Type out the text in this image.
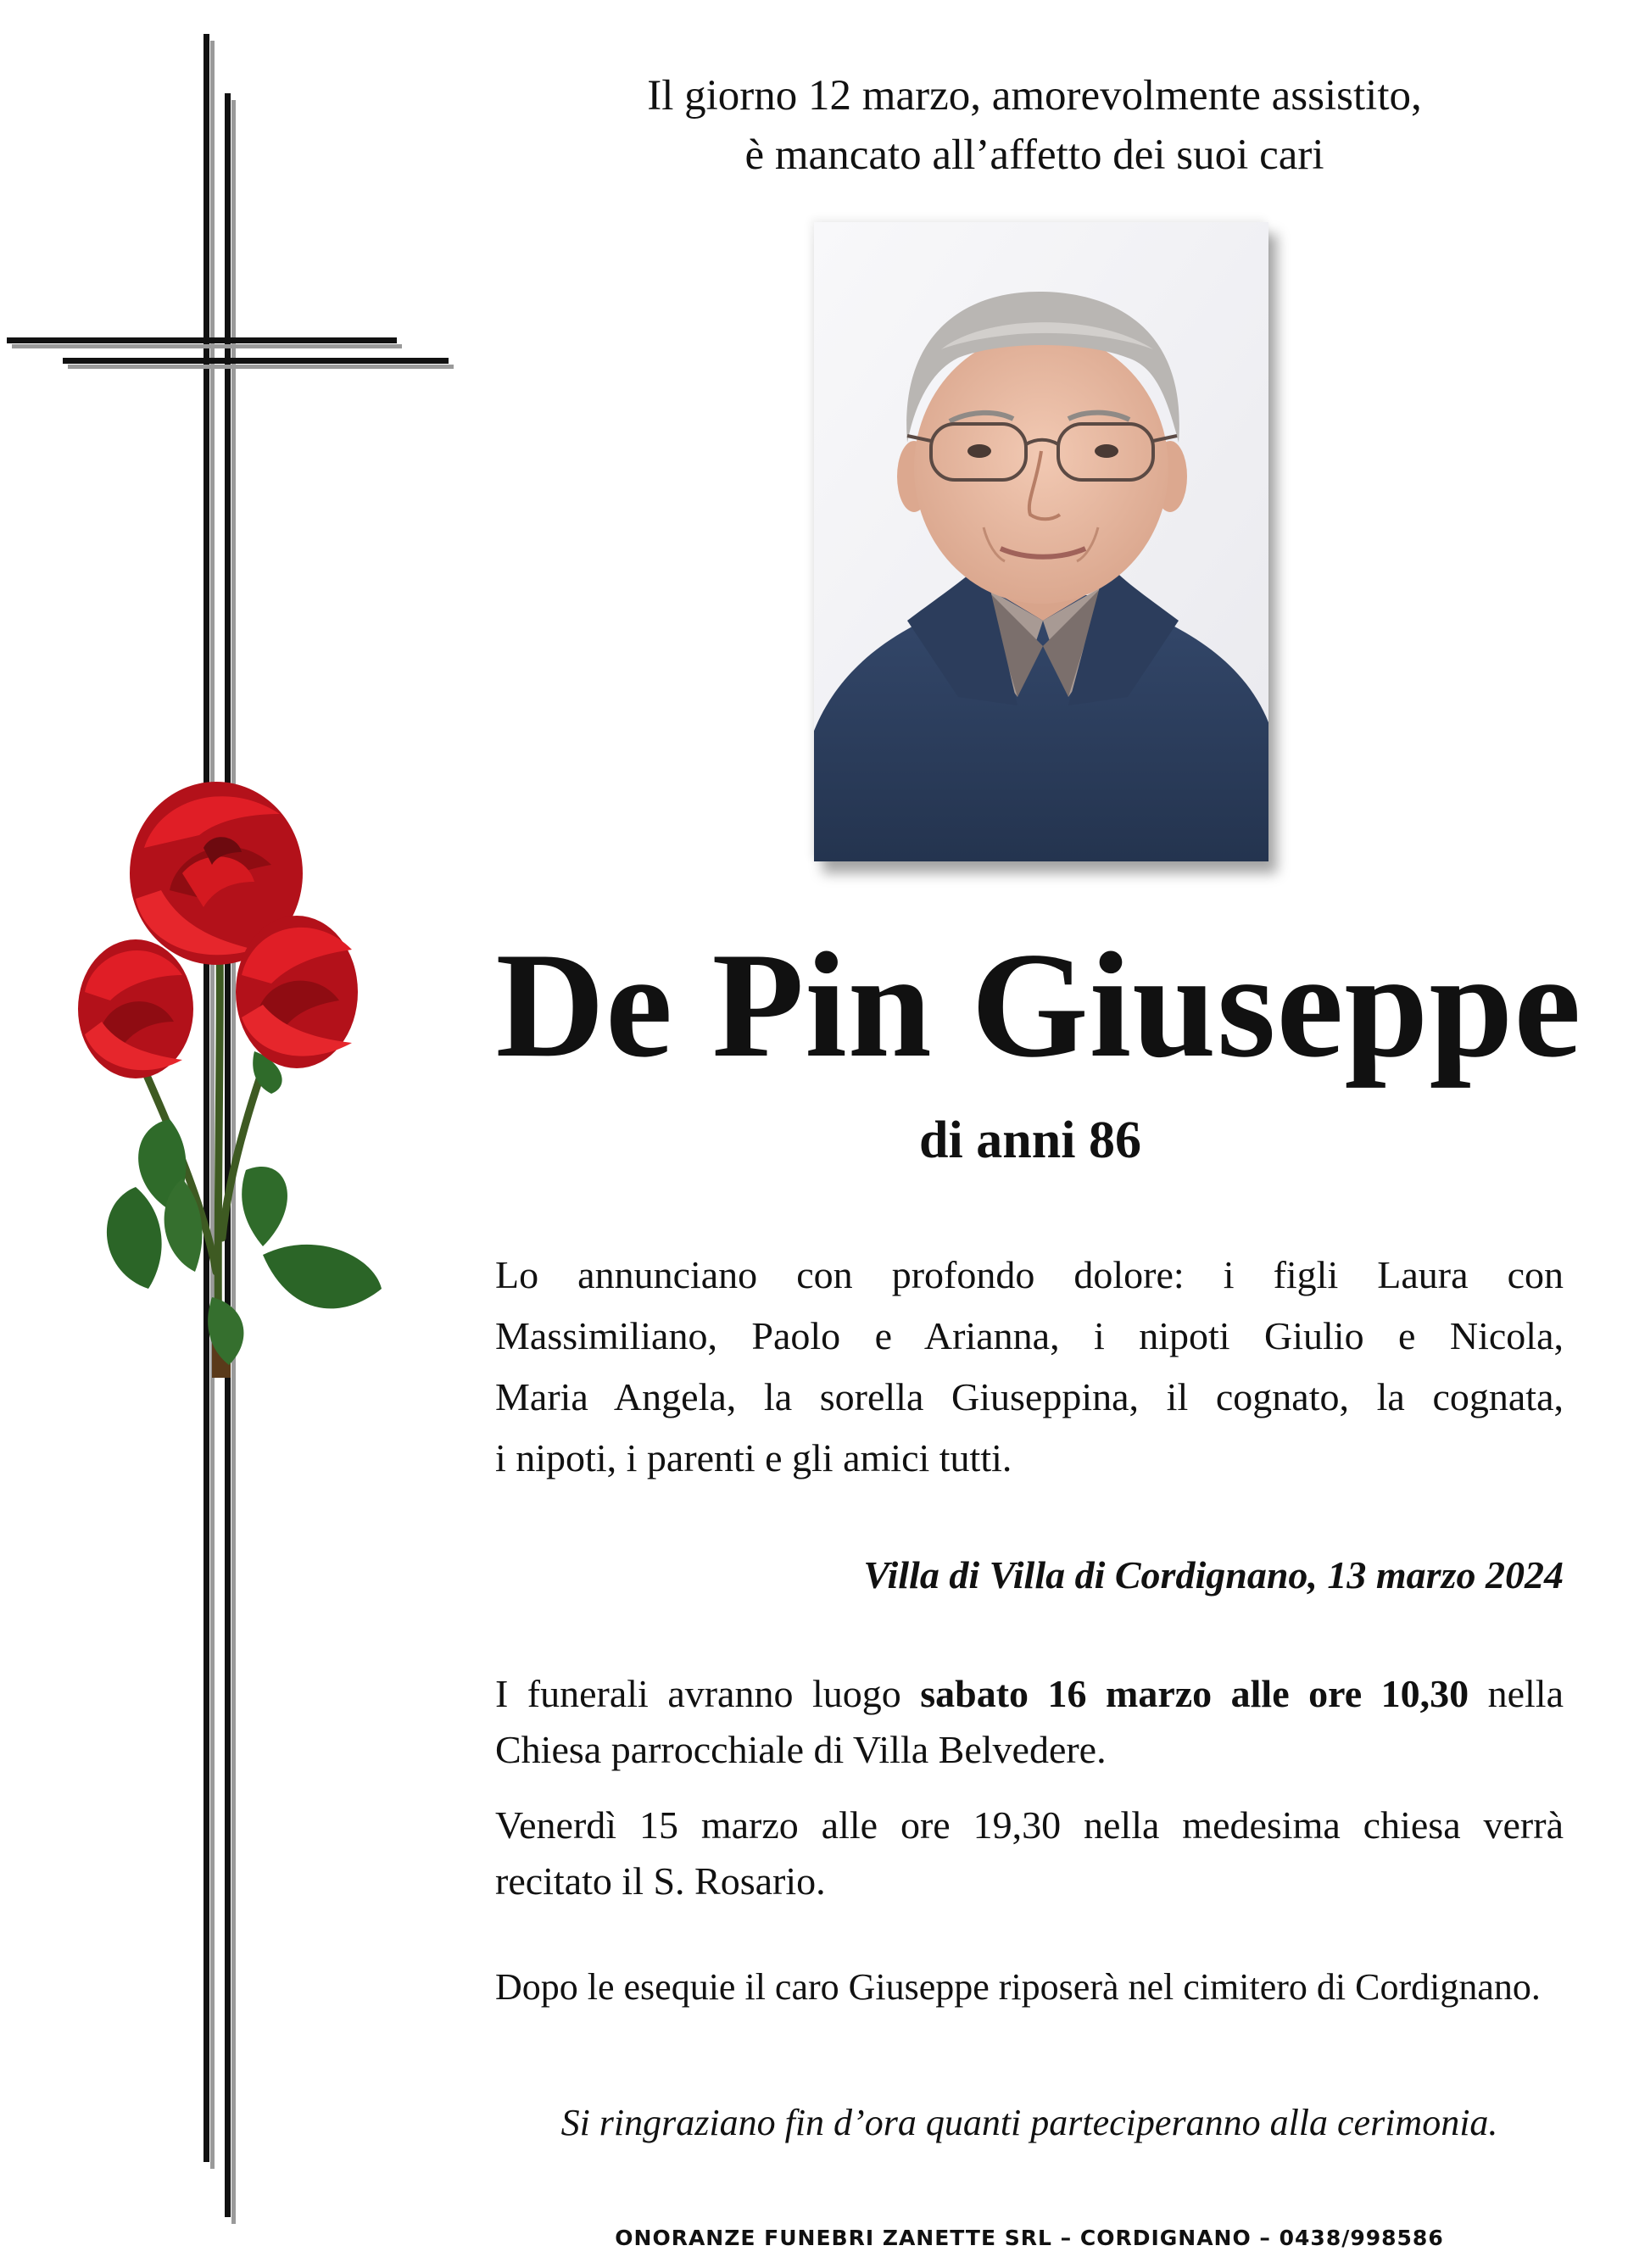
Il giorno 12 marzo, amorevolmente assistito,
è mancato all’affetto dei suoi cari
De Pin Giuseppe
di anni 86
Lo annunciano con profondo dolore: i figli Laura con
Massimiliano, Paolo e Arianna, i nipoti Giulio e Nicola,
Maria Angela, la sorella Giuseppina, il cognato, la cognata,
i nipoti, i parenti e gli amici tutti.
Villa di Villa di Cordignano, 13 marzo 2024
I funerali avranno luogo sabato 16 marzo alle ore 10,30 nella
Chiesa parrocchiale di Villa Belvedere.
Venerdì 15 marzo alle ore 19,30 nella medesima chiesa verrà
recitato il S. Rosario.
Dopo le esequie il caro Giuseppe riposerà nel cimitero di Cordignano.
Si ringraziano fin d’ora quanti parteciperanno alla cerimonia.
ONORANZE FUNEBRI ZANETTE SRL – CORDIGNANO – 0438/998586
